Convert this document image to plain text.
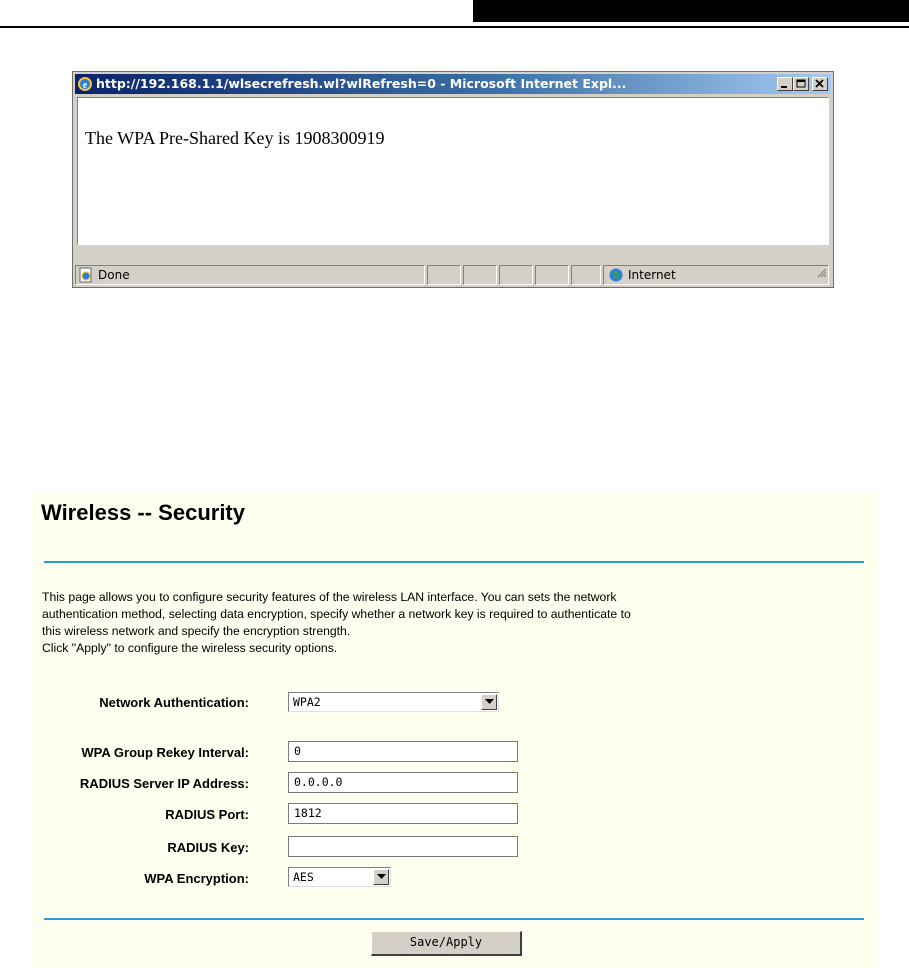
e http://192.168.1.1/wlsecrefresh.wl?wlRefresh=0 - Microsoft Internet Expl...
The WPA Pre-Shared Key is 1908300919
Done	Internet
Wireless -- Security

This page allows you to configure security features of the wireless LAN interface. You can sets the network

authentication method, selecting data encryption, specify whether a network key is required to authenticate to

this wireless network and specify the encryption strength.

Click "Apply" to configure the wireless security options.

Network Authentication:	WPA2
WPA Group Rekey Interval:	0
RADIUS Server IP Address:	0.0.0.0
RADIUS Port:	1812
RADIUS Key:
WPA Encryption:	AES
Save/Apply
